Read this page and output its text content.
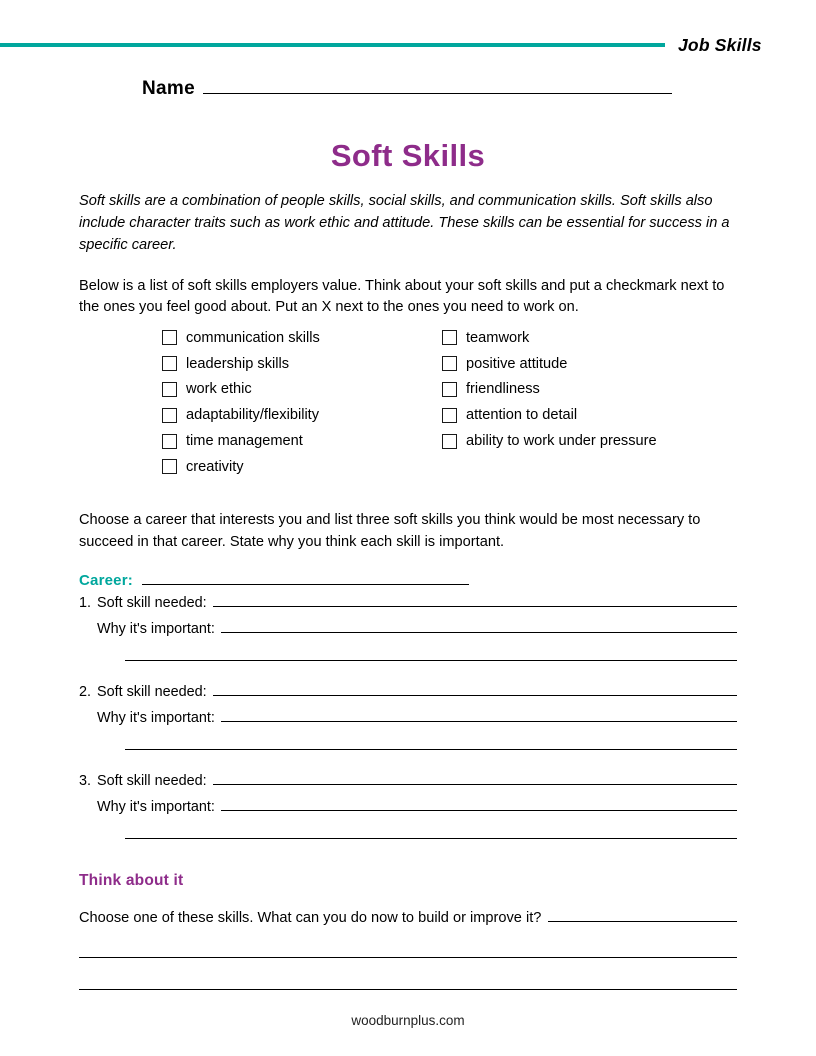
Job Skills
Name
Soft Skills

Soft skills are a combination of people skills, social skills, and communication skills. Soft skills also include character traits such as work ethic and attitude. These skills can be essential for success in a specific career.

Below is a list of soft skills employers value. Think about your soft skills and put a checkmark next to the ones you feel good about. Put an X next to the ones you need to work on.

communication skills
leadership skills
work ethic
adaptability/flexibility
time management
creativity
teamwork
positive attitude
friendliness
attention to detail
ability to work under pressure

Choose a career that interests you and list three soft skills you think would be most necessary to succeed in that career. State why you think each skill is important.

Career:
1. Soft skill needed:
Why it's important:
2. Soft skill needed:
Why it's important:
3. Soft skill needed:
Why it's important:
Think about it
Choose one of these skills. What can you do now to build or improve it?
woodburnplus.com
